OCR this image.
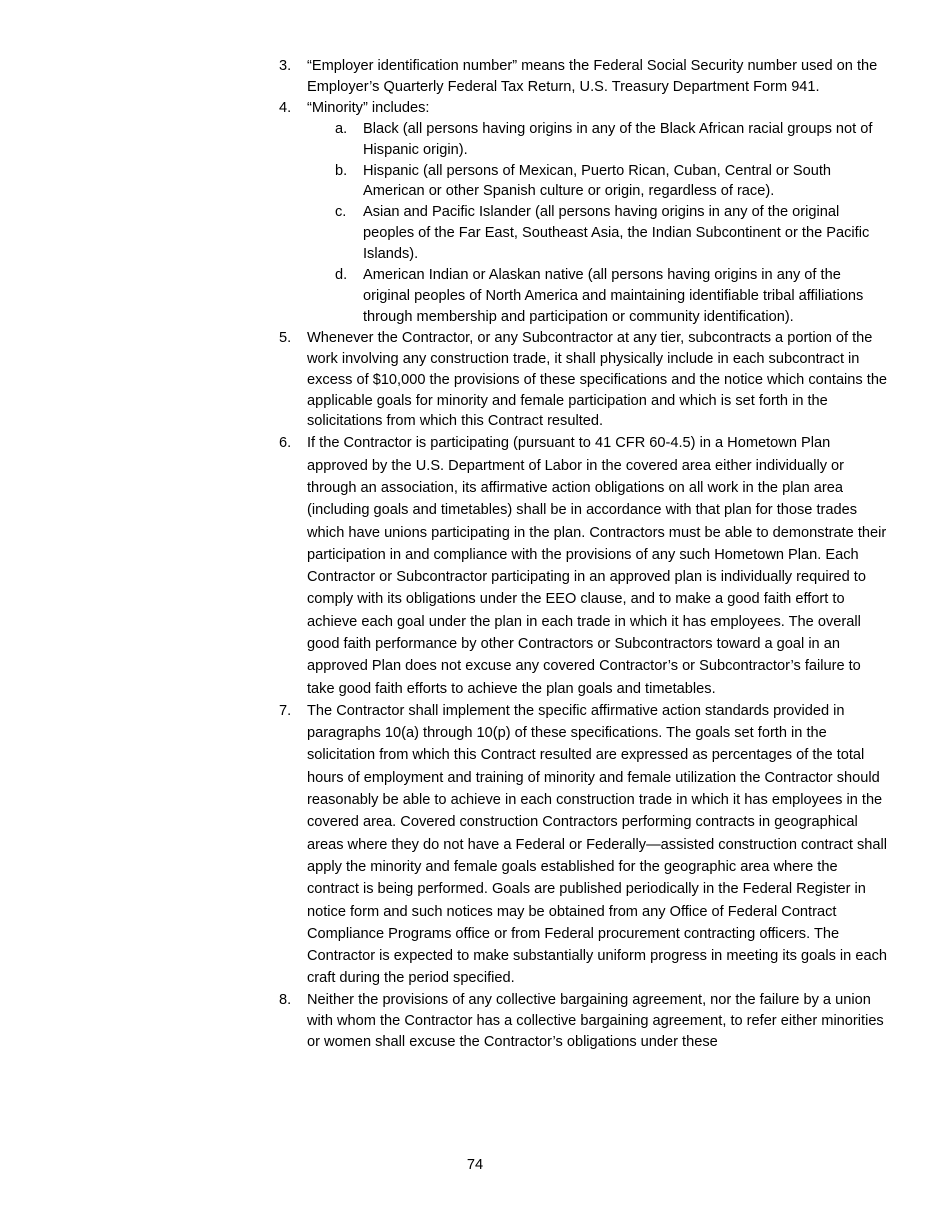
3. “Employer identification number” means the Federal Social Security number used on the Employer’s Quarterly Federal Tax Return, U.S. Treasury Department Form 941.
4. “Minority” includes:
a. Black (all persons having origins in any of the Black African racial groups not of Hispanic origin).
b. Hispanic (all persons of Mexican, Puerto Rican, Cuban, Central or South American or other Spanish culture or origin, regardless of race).
c. Asian and Pacific Islander (all persons having origins in any of the original peoples of the Far East, Southeast Asia, the Indian Subcontinent or the Pacific Islands).
d. American Indian or Alaskan native (all persons having origins in any of the original peoples of North America and maintaining identifiable tribal affiliations through membership and participation or community identification).
5. Whenever the Contractor, or any Subcontractor at any tier, subcontracts a portion of the work involving any construction trade, it shall physically include in each subcontract in excess of $10,000 the provisions of these specifications and the notice which contains the applicable goals for minority and female participation and which is set forth in the solicitations from which this Contract resulted.
6. If the Contractor is participating (pursuant to 41 CFR 60-4.5) in a Hometown Plan approved by the U.S. Department of Labor in the covered area either individually or through an association, its affirmative action obligations on all work in the plan area (including goals and timetables) shall be in accordance with that plan for those trades which have unions participating in the plan. Contractors must be able to demonstrate their participation in and compliance with the provisions of any such Hometown Plan. Each Contractor or Subcontractor participating in an approved plan is individually required to comply with its obligations under the EEO clause, and to make a good faith effort to achieve each goal under the plan in each trade in which it has employees. The overall good faith performance by other Contractors or Subcontractors toward a goal in an approved Plan does not excuse any covered Contractor’s or Subcontractor’s failure to take good faith efforts to achieve the plan goals and timetables.
7. The Contractor shall implement the specific affirmative action standards provided in paragraphs 10(a) through 10(p) of these specifications. The goals set forth in the solicitation from which this Contract resulted are expressed as percentages of the total hours of employment and training of minority and female utilization the Contractor should reasonably be able to achieve in each construction trade in which it has employees in the covered area. Covered construction Contractors performing contracts in geographical areas where they do not have a Federal or Federally—assisted construction contract shall apply the minority and female goals established for the geographic area where the contract is being performed. Goals are published periodically in the Federal Register in notice form and such notices may be obtained from any Office of Federal Contract Compliance Programs office or from Federal procurement contracting officers. The Contractor is expected to make substantially uniform progress in meeting its goals in each craft during the period specified.
8. Neither the provisions of any collective bargaining agreement, nor the failure by a union with whom the Contractor has a collective bargaining agreement, to refer either minorities or women shall excuse the Contractor’s obligations under these
74
